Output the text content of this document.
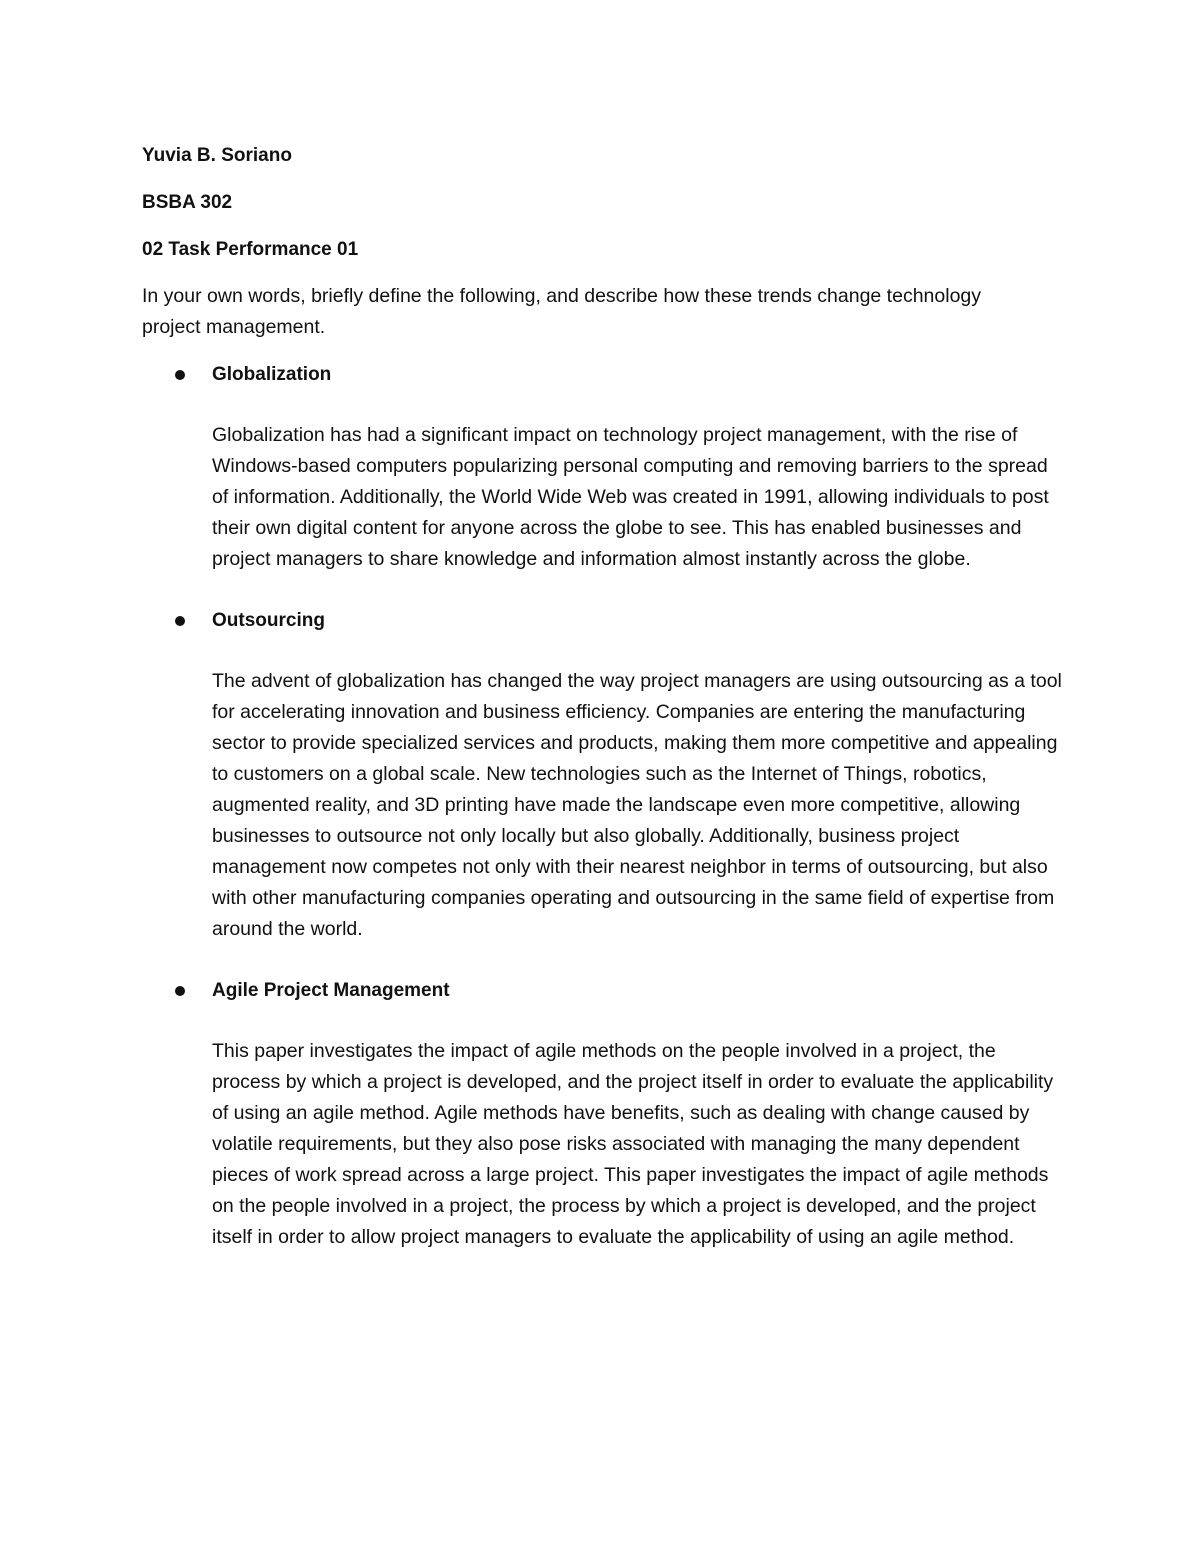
Yuvia B. Soriano
BSBA 302
02 Task Performance 01
In your own words, briefly define the following, and describe how these trends change technology project management.
Globalization
Globalization has had a significant impact on technology project management, with the rise of Windows-based computers popularizing personal computing and removing barriers to the spread of information. Additionally, the World Wide Web was created in 1991, allowing individuals to post their own digital content for anyone across the globe to see. This has enabled businesses and project managers to share knowledge and information almost instantly across the globe.
Outsourcing
The advent of globalization has changed the way project managers are using outsourcing as a tool for accelerating innovation and business efficiency. Companies are entering the manufacturing sector to provide specialized services and products, making them more competitive and appealing to customers on a global scale. New technologies such as the Internet of Things, robotics, augmented reality, and 3D printing have made the landscape even more competitive, allowing businesses to outsource not only locally but also globally. Additionally, business project management now competes not only with their nearest neighbor in terms of outsourcing, but also with other manufacturing companies operating and outsourcing in the same field of expertise from around the world.
Agile Project Management
This paper investigates the impact of agile methods on the people involved in a project, the process by which a project is developed, and the project itself in order to evaluate the applicability of using an agile method. Agile methods have benefits, such as dealing with change caused by volatile requirements, but they also pose risks associated with managing the many dependent pieces of work spread across a large project. This paper investigates the impact of agile methods on the people involved in a project, the process by which a project is developed, and the project itself in order to allow project managers to evaluate the applicability of using an agile method.
